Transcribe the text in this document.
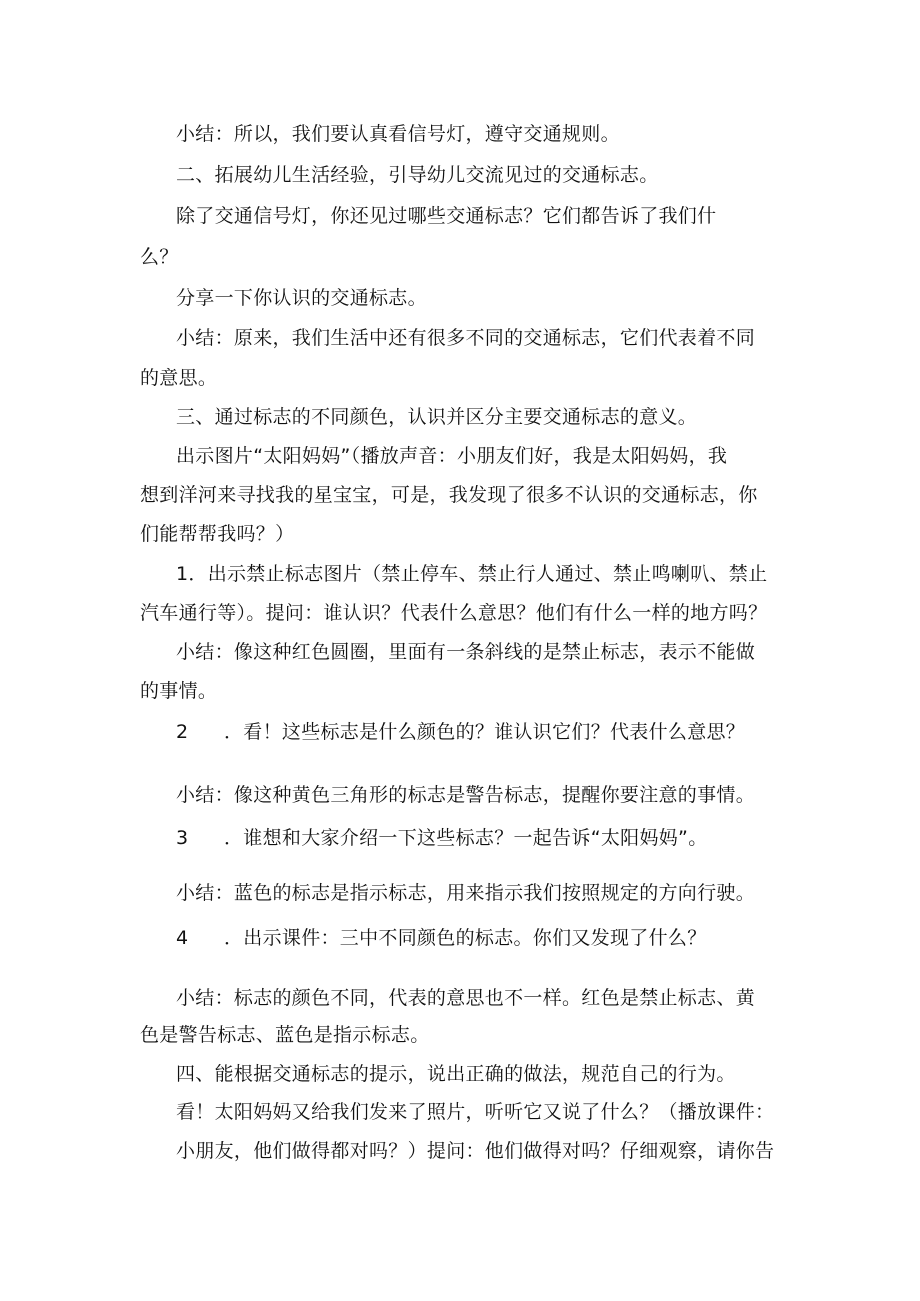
小结：所以，我们要认真看信号灯，遵守交通规则。

二、拓展幼儿生活经验，引导幼儿交流见过的交通标志。

除了交通信号灯，你还见过哪些交通标志？它们都告诉了我们什

么？

分享一下你认识的交通标志。

小结：原来，我们生活中还有很多不同的交通标志，它们代表着不同

的意思。

三、通过标志的不同颜色，认识并区分主要交通标志的意义。

出示图片“太阳妈妈”（播放声音：小朋友们好，我是太阳妈妈，我

想到洋河来寻找我的星宝宝，可是，我发现了很多不认识的交通标志，你

们能帮帮我吗？）

1．出示禁止标志图片（禁止停车、禁止行人通过、禁止鸣喇叭、禁止

汽车通行等）。提问：谁认识？代表什么意思？他们有什么一样的地方吗？

小结：像这种红色圆圈，里面有一条斜线的是禁止标志，表示不能做

的事情。

2 ．看！这些标志是什么颜色的？谁认识它们？代表什么意思？

小结：像这种黄色三角形的标志是警告标志，提醒你要注意的事情。

3 ．谁想和大家介绍一下这些标志？一起告诉“太阳妈妈”。

小结：蓝色的标志是指示标志，用来指示我们按照规定的方向行驶。

4 ．出示课件：三中不同颜色的标志。你们又发现了什么？

小结：标志的颜色不同，代表的意思也不一样。红色是禁止标志、黄

色是警告标志、蓝色是指示标志。

四、能根据交通标志的提示，说出正确的做法，规范自己的行为。

看！太阳妈妈又给我们发来了照片，听听它又说了什么？（播放课件：

小朋友，他们做得都对吗？）提问：他们做得对吗？仔细观察，请你告
